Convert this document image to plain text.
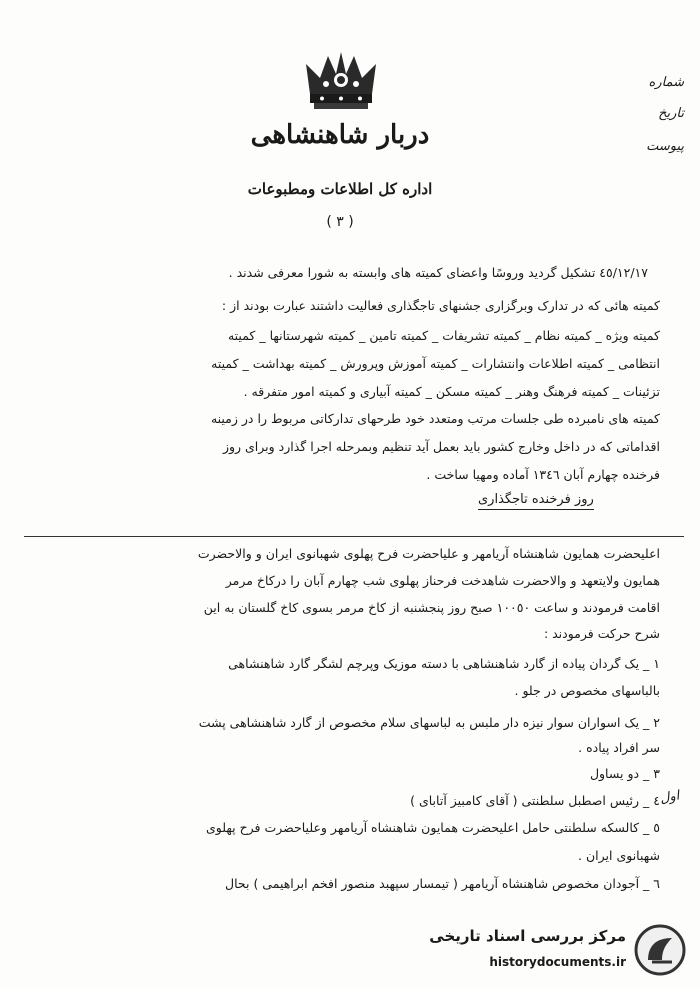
شماره
تاریخ
پیوست
دربار شاهنشاهی
اداره کل اطلاعات ومطبوعات
( ٣ )
٤٥/١٢/١٧ تشکیل گردید وروسًا واعضای کمیته های وابسته به شورا معرفی شدند .
کمیته هائی که در تدارک وبرگزاری جشنهای تاجگذاری فعالیت داشتند عبارت بودند از :
کمیته ویژه _ کمیته نظام _ کمیته تشریفات _ کمیته تامین _ کمیته شهرستانها _ کمیته
انتظامی _ کمیته اطلاعات وانتشارات _ کمیته آموزش وپرورش _ کمیته بهداشت _ کمیته
تزئینات _ کمیته فرهنگ وهنر _ کمیته مسکن _ کمیته آبیاری و کمیته امور متفرقه .
کمیته های نامبرده طی جلسات مرتب ومتعدد خود طرحهای تدارکاتی مربوط را در زمینه
اقداماتی که در داخل وخارج کشور باید بعمل آید تنظیم وبمرحله اجرا گذارد وبرای روز
فرخنده چهارم آبان ١٣٤٦ آماده ومهیا ساخت .
روز فرخنده تاجگذاری
اعلیحضرت همایون شاهنشاه آریامهر و علیاحضرت فرح پهلوی شهبانوی ایران و والاحضرت
همایون ولایتعهد و والاحضرت شاهدخت فرحناز پهلوی شب چهارم آبان را درکاخ مرمر
اقامت فرمودند و ساعت ١٠٠٥٠ صبح روز پنجشنبه از کاخ مرمر بسوی کاخ گلستان به این
شرح حرکت فرمودند :
١ _ یک گردان پیاده از گارد شاهنشاهی با دسته موزیک وپرچم لشگر گارد شاهنشاهی
بالباسهای مخصوص در جلو .
٢ _ یک اسواران سوار نیزه دار ملبس به لباسهای سلام مخصوص از گارد شاهنشاهی پشت
سر افراد پیاده .
٣ _ دو یساول
٤ _ رئیس اصطبل سلطنتی ( آقای کامبیز آتابای )
٥ _ کالسکه سلطنتی حامل اعلیحضرت همایون شاهنشاه آریامهر وعلیاحضرت فرح پهلوی
شهبانوی ایران .
٦ _ آجودان مخصوص شاهنشاه آریامهر ( تیمسار سپهبد منصور افخم ابراهیمی ) بحال
اول
مرکز بررسی اسناد تاریخی
historydocuments.ir
